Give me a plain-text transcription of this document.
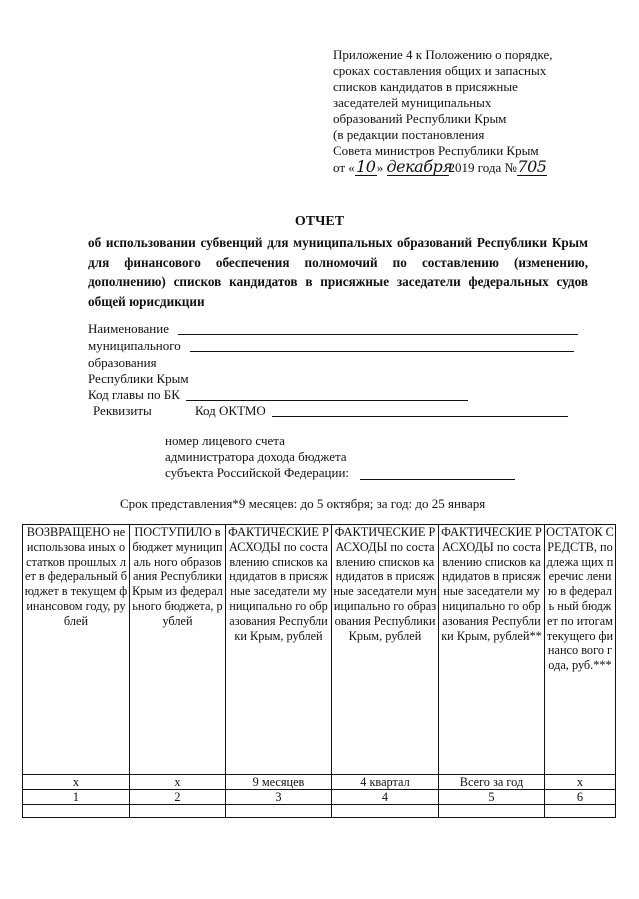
Приложение 4 к Положению о порядке,
сроках составления общих и запасных
списков кандидатов в присяжные
заседателей муниципальных
образований Республики Крым
(в редакции постановления
Совета министров Республики Крым
от «10» декабря2019 года №705
ОТЧЕТ
об использовании субвенций для муниципальных образований Республики Крым для финансового обеспечения полномочий по составлению (изменению, дополнению) списков кандидатов в присяжные заседатели федеральных судов общей юрисдикции
Наименование
муниципального
образования
Республики Крым
Код главы по БК
Реквизиты	Код ОКТМО
номер лицевого счета
администратора дохода бюджета
субъекта Российской Федерации:
Срок представления*9 месяцев: до 5 октября; за год: до 25 января
ВОЗВРАЩЕНО неиспользова иных остатков прошлых лет в федеральный бюджет в текущем финансовом году, рублей	ПОСТУПИЛО в бюджет муниципаль ного образования Республики Крым из федерального бюджета, рублей	ФАКТИЧЕСКИЕ РАСХОДЫ по составлению списков кандидатов в присяжные заседатели муниципально го образования Республики Крым, рублей	ФАКТИЧЕСКИЕ РАСХОДЫ по составлению списков кандидатов в присяжные заседатели муниципально го образования Республики Крым, рублей	ФАКТИЧЕСКИЕ РАСХОДЫ по составлению списков кандидатов в присяжные заседатели муниципально го образования Республики Крым, рублей**	ОСТАТОК СРЕДСТВ, подлежа щих перечис лению в федераль ный бюджет по итогам текущего финансо вого года, руб.***
х	х	9 месяцев	4 квартал	Всего за год	х
1	2	3	4	5	6
